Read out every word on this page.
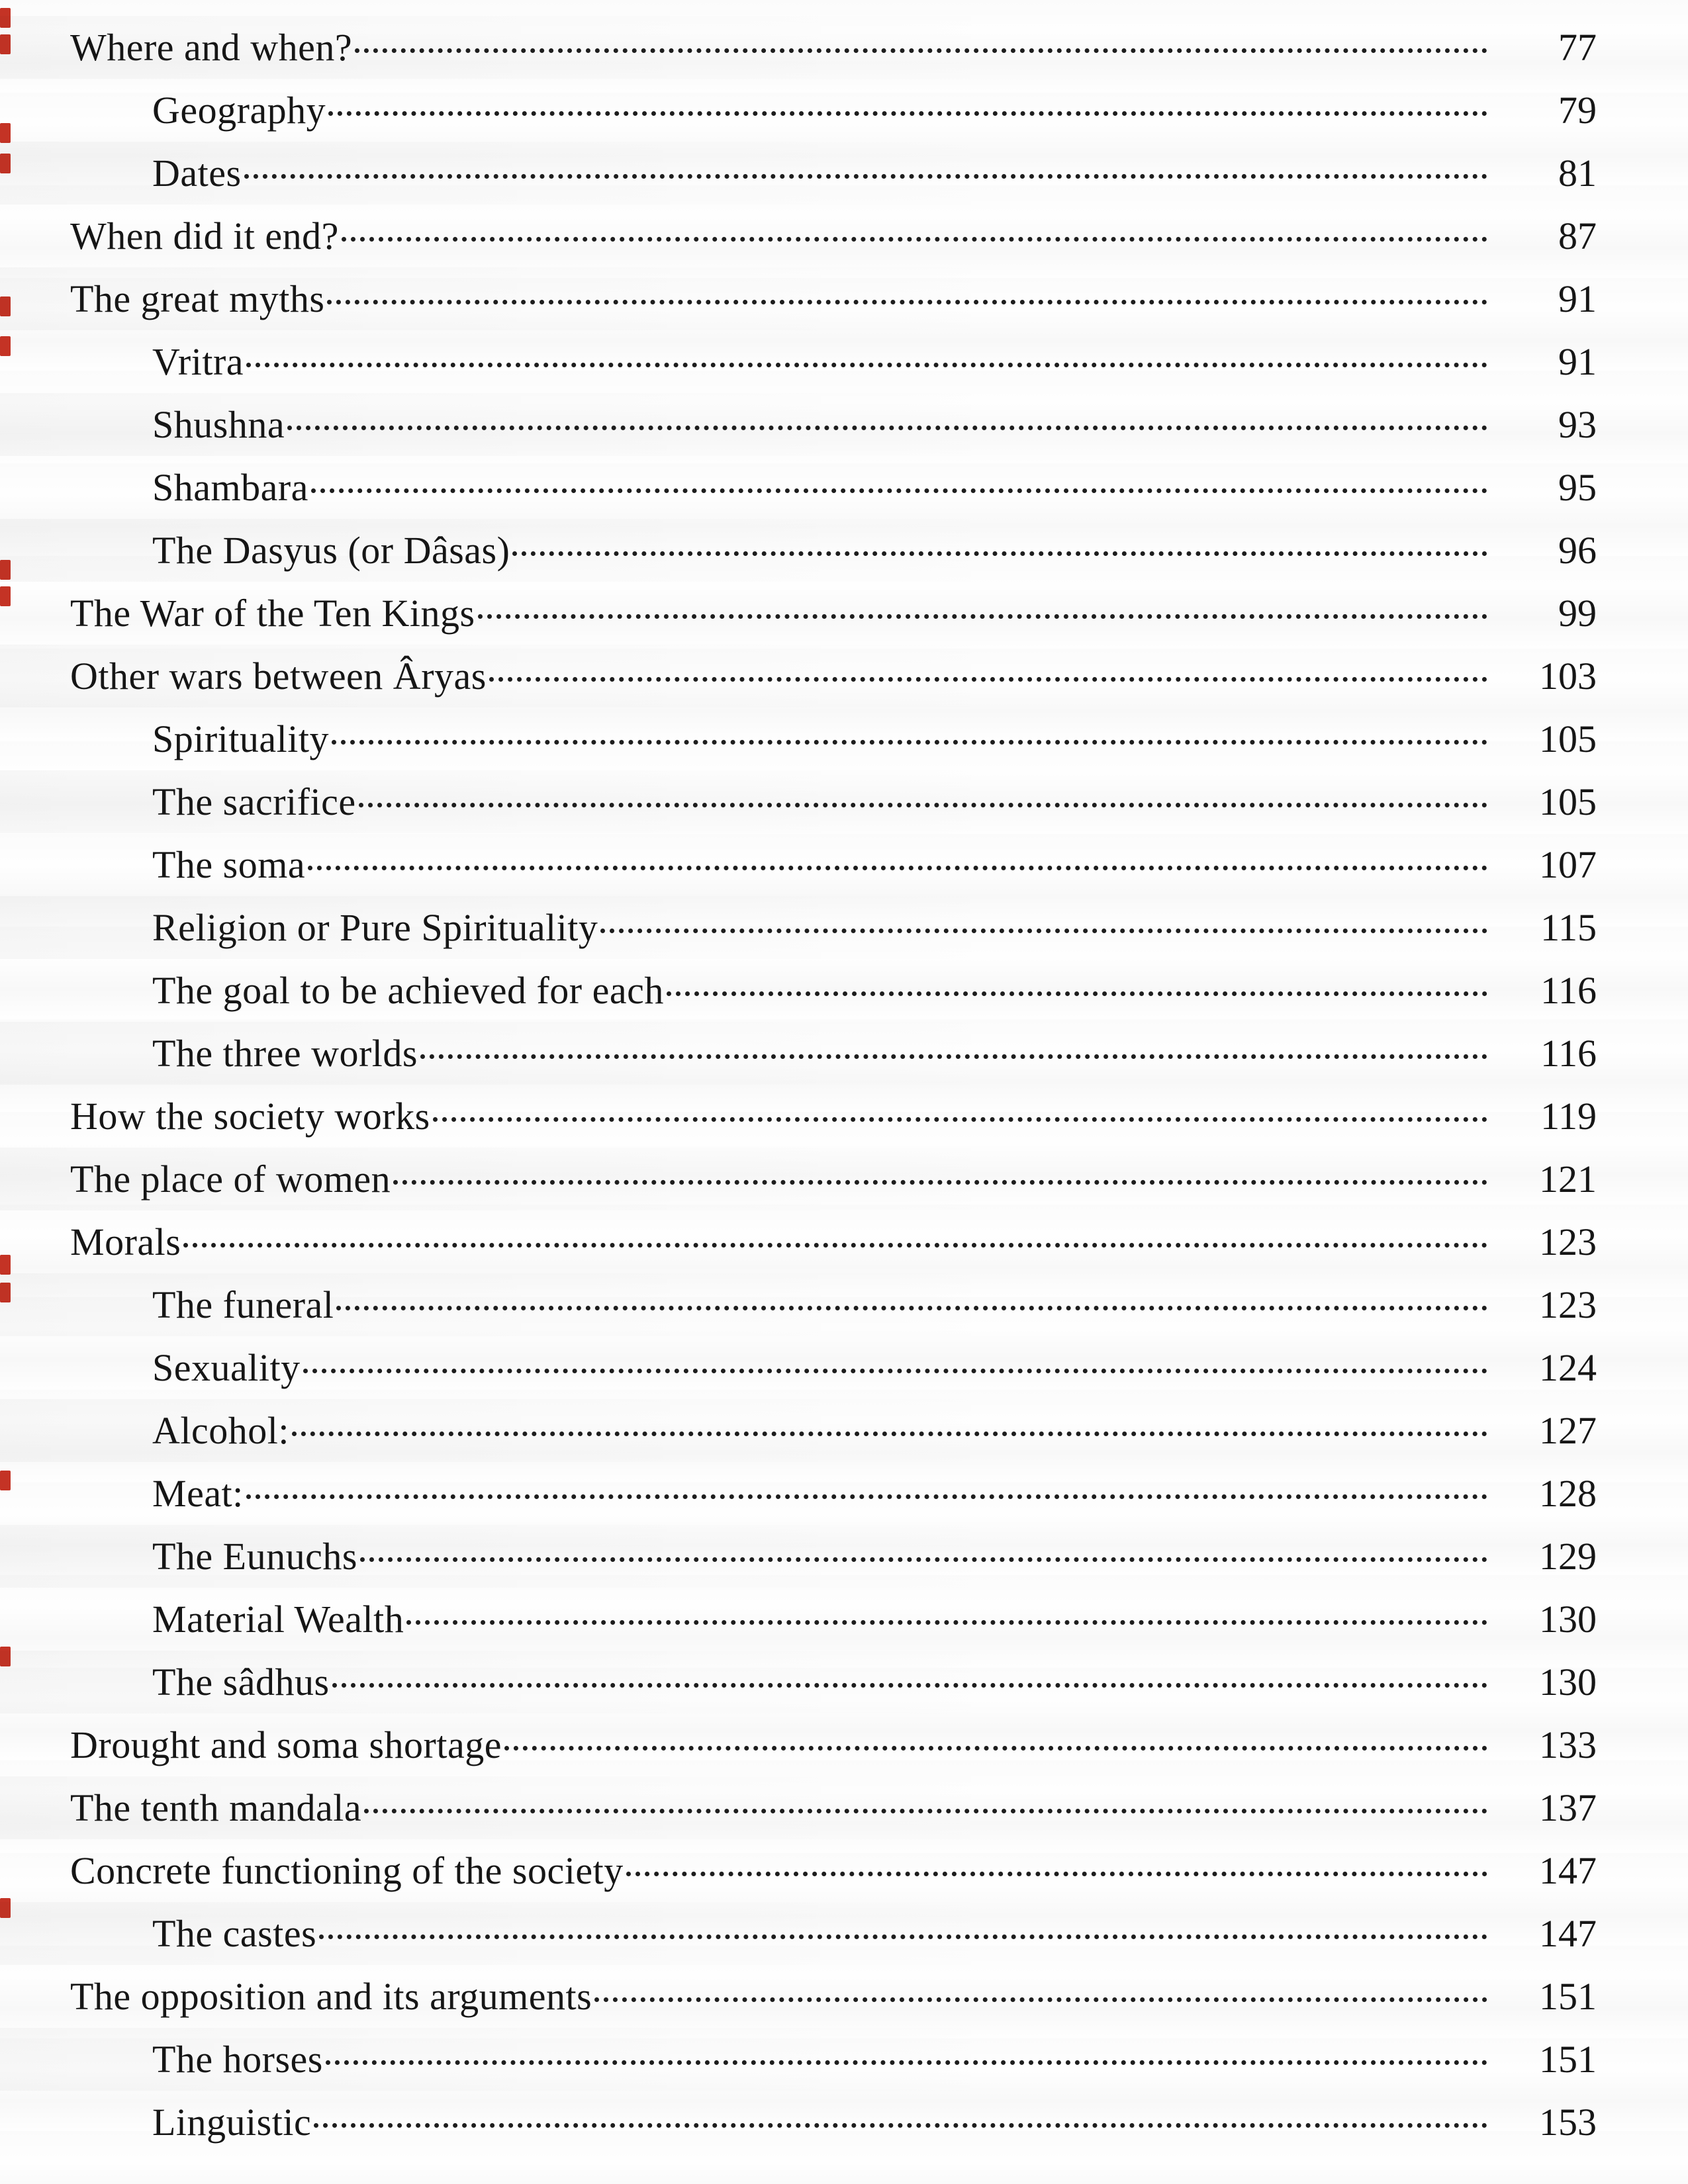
Where and when?	77
Geography	79
Dates	81
When did it end?	87
The great myths	91
Vritra	91
Shushna	93
Shambara	95
The Dasyus (or Dâsas)	96
The War of the Ten Kings	99
Other wars between Âryas	103
Spirituality	105
The sacrifice	105
The soma	107
Religion or Pure Spirituality	115
The goal to be achieved for each	116
The three worlds	116
How the society works	119
The place of women	121
Morals	123
The funeral	123
Sexuality	124
Alcohol:	127
Meat:	128
The Eunuchs	129
Material Wealth	130
The sâdhus	130
Drought and soma shortage	133
The tenth mandala	137
Concrete functioning of the society	147
The castes	147
The opposition and its arguments	151
The horses	151
Linguistic	153
